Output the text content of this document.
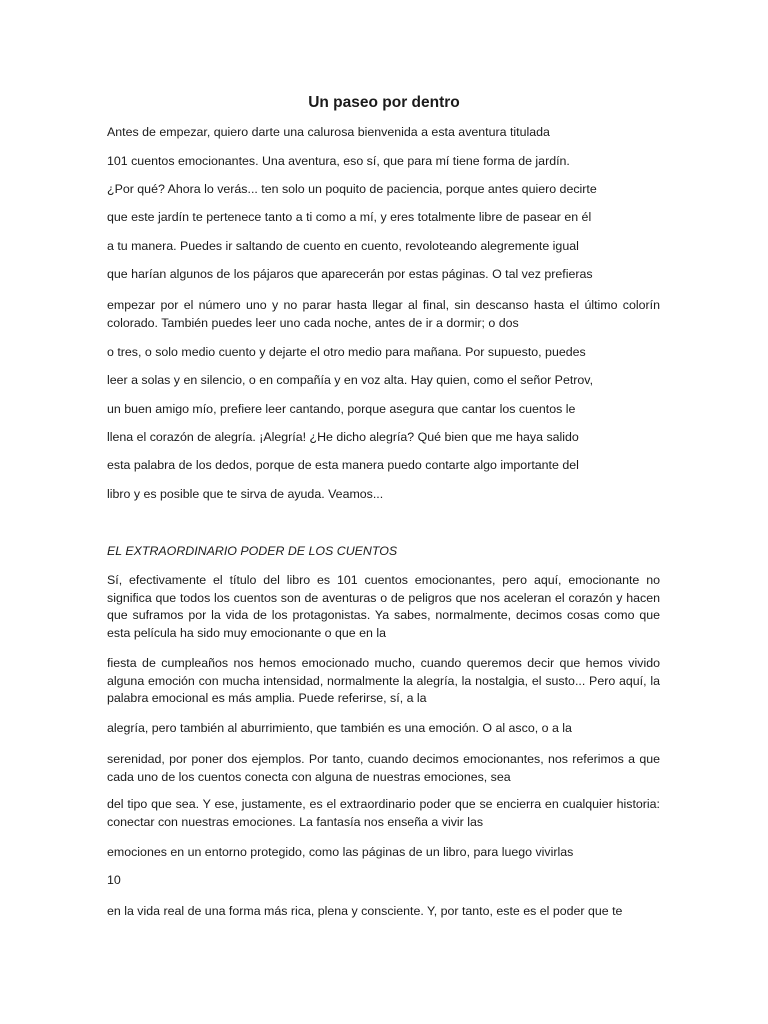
Un paseo por dentro

Antes de empezar, quiero darte una calurosa bienvenida a esta aventura titulada

101 cuentos emocionantes. Una aventura, eso sí, que para mí tiene forma de jardín.

¿Por qué? Ahora lo verás... ten solo un poquito de paciencia, porque antes quiero decirte

que este jardín te pertenece tanto a ti como a mí, y eres totalmente libre de pasear en él

a tu manera. Puedes ir saltando de cuento en cuento, revoloteando alegremente igual

que harían algunos de los pájaros que aparecerán por estas páginas. O tal vez prefieras

empezar por el número uno y no parar hasta llegar al final, sin descanso hasta el último colorín colorado. También puedes leer uno cada noche, antes de ir a dormir; o dos

o tres, o solo medio cuento y dejarte el otro medio para mañana. Por supuesto, puedes

leer a solas y en silencio, o en compañía y en voz alta. Hay quien, como el señor Petrov,

un buen amigo mío, prefiere leer cantando, porque asegura que cantar los cuentos le

llena el corazón de alegría. ¡Alegría! ¿He dicho alegría? Qué bien que me haya salido

esta palabra de los dedos, porque de esta manera puedo contarte algo importante del

libro y es posible que te sirva de ayuda. Veamos...

EL EXTRAORDINARIO PODER DE LOS CUENTOS

Sí, efectivamente el título del libro es 101 cuentos emocionantes, pero aquí, emocionante no significa que todos los cuentos son de aventuras o de peligros que nos aceleran el corazón y hacen que suframos por la vida de los protagonistas. Ya sabes, normalmente, decimos cosas como que esta película ha sido muy emocionante o que en la

fiesta de cumpleaños nos hemos emocionado mucho, cuando queremos decir que hemos vivido alguna emoción con mucha intensidad, normalmente la alegría, la nostalgia, el susto... Pero aquí, la palabra emocional es más amplia. Puede referirse, sí, a la

alegría, pero también al aburrimiento, que también es una emoción. O al asco, o a la

serenidad, por poner dos ejemplos. Por tanto, cuando decimos emocionantes, nos referimos a que cada uno de los cuentos conecta con alguna de nuestras emociones, sea

del tipo que sea. Y ese, justamente, es el extraordinario poder que se encierra en cualquier historia: conectar con nuestras emociones. La fantasía nos enseña a vivir las

emociones en un entorno protegido, como las páginas de un libro, para luego vivirlas

10

en la vida real de una forma más rica, plena y consciente. Y, por tanto, este es el poder que te
